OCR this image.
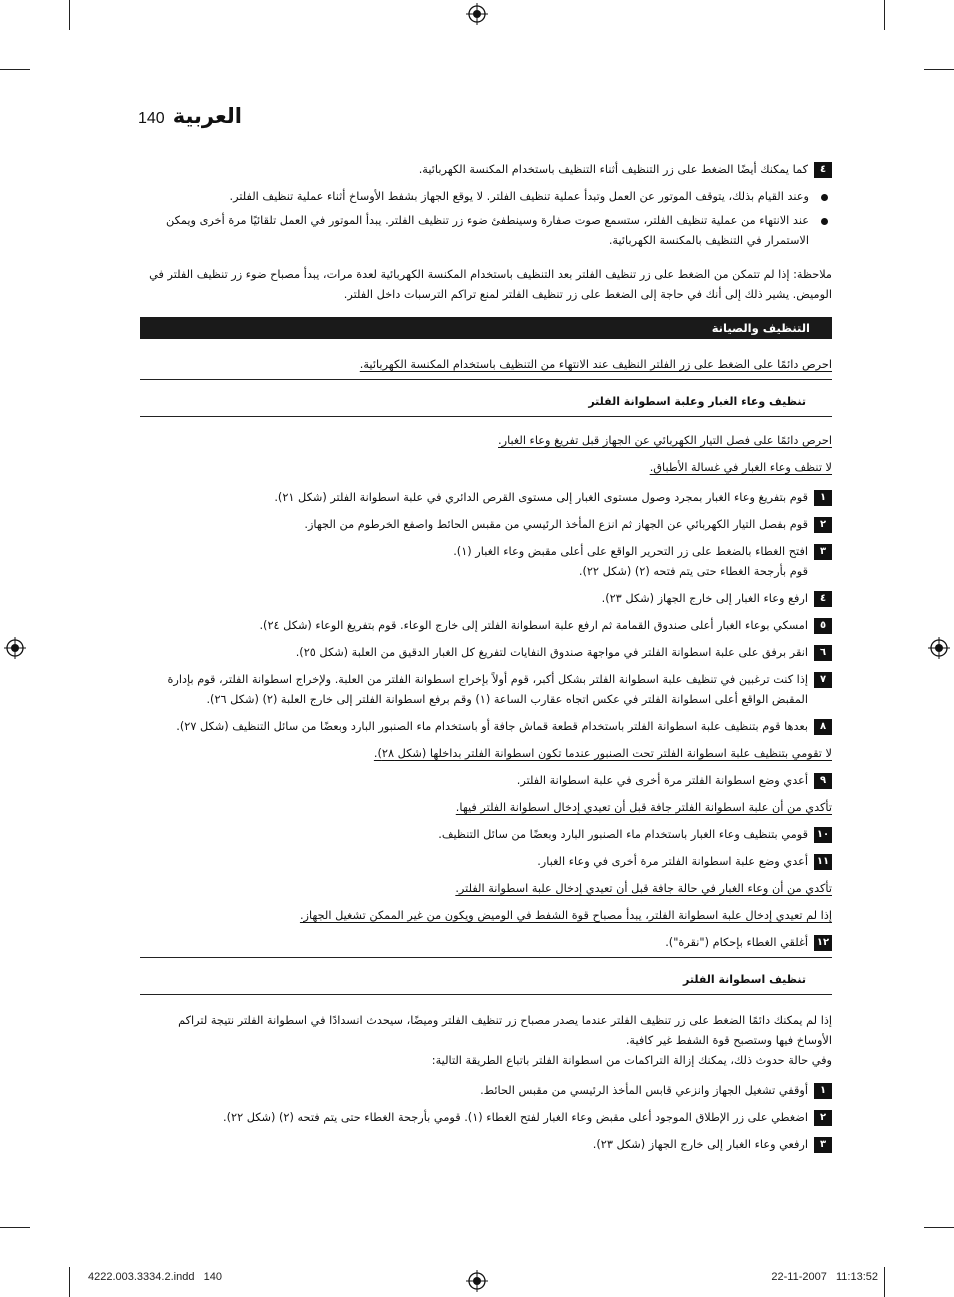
140 العربية
٤
كما يمكنك أيضًا الضغط على زر التنظيف أثناء التنظيف باستخدام المكنسة الكهربائية.
وعند القيام بذلك، يتوقف الموتور عن العمل وتبدأ عملية تنظيف الفلتر. لا يوقع الجهاز بشفط الأوساخ أثناء عملية تنظيف الفلتر.
عند الانتهاء من عملية تنظيف الفلتر، ستسمع صوت صفارة وسينطفئ ضوء زر تنظيف الفلتر. يبدأ الموتور في العمل تلقائيًا مرة أخرى ويمكن الاستمرار في التنظيف بالمكنسة الكهربائية.
ملاحظة: إذا لم تتمكن من الضغط على زر تنظيف الفلتر بعد التنظيف باستخدام المكنسة الكهربائية لعدة مرات، يبدأ مصباح ضوء زر تنظيف الفلتر في الوميض. يشير ذلك إلى أنك في حاجة إلى الضغط على زر تنظيف الفلتر لمنع تراكم الترسبات داخل الفلتر.
التنظيف والصيانة
احرص دائمًا على الضغط على زر الفلتر النظيف عند الانتهاء من التنظيف باستخدام المكنسة الكهربائية.
تنظيف وعاء الغبار وعلبة اسطوانة الفلتر
احرص دائمًا على فصل التيار الكهربائي عن الجهاز قبل تفريغ وعاء الغبار.
لا تنظف وعاء الغبار في غسالة الأطباق.
١
قوم بتفريغ وعاء الغبار بمجرد وصول مستوى الغبار إلى مستوى القرص الدائري في علبة اسطوانة الفلتر (شكل ٢١).
٢
قوم بفصل التيار الكهربائي عن الجهاز ثم انزع المأخذ الرئيسي من مقبس الحائط واصفع الخرطوم من الجهاز.
٣
افتح الغطاء بالضغط على زر التحرير الواقع على أعلى مقبض وعاء الغبار (١).
قوم بأرجحة الغطاء حتى يتم فتحه (٢) (شكل ٢٢).
٤
ارفع وعاء الغبار إلى خارج الجهاز (شكل ٢٣).
٥
امسكي بوعاء الغبار أعلى صندوق القمامة ثم ارفع علبة اسطوانة الفلتر إلى خارج الوعاء. قوم بتفريغ الوعاء (شكل ٢٤).
٦
انقر برفق على علبة اسطوانة الفلتر في مواجهة صندوق النفايات لتفريغ كل الغبار الدقيق من العلبة (شكل ٢٥).
٧
إذا كنت ترغبين في تنظيف علبة اسطوانة الفلتر بشكل أكبر، قوم أولاً بإخراج اسطوانة الفلتر من العلبة. ولإخراج اسطوانة الفلتر، قوم بإدارة المقبض الواقع أعلى اسطوانة الفلتر في عكس اتجاه عقارب الساعة (١) وقم برفع اسطوانة الفلتر إلى خارج العلبة (٢) (شكل ٢٦).
٨
بعدها قوم بتنظيف علبة اسطوانة الفلتر باستخدام قطعة قماش جافة أو باستخدام ماء الصنبور البارد وبعضًا من سائل التنظيف (شكل ٢٧).
لا تقومي بتنظيف علبة اسطوانة الفلتر تحت الصنبور عندما تكون اسطوانة الفلتر بداخلها (شكل ٢٨).
٩
أعدي وضع اسطوانة الفلتر مرة أخرى في علبة اسطوانة الفلتر.
تأكدي من أن علبة اسطوانة الفلتر جافة قبل أن تعيدي إدخال اسطوانة الفلتر فيها.
١٠
قومي بتنظيف وعاء الغبار باستخدام ماء الصنبور البارد وبعضًا من سائل التنظيف.
١١
أعدي وضع علبة اسطوانة الفلتر مرة أخرى في وعاء الغبار.
تأكدي من أن وعاء الغبار في حالة جافة قبل أن تعيدي إدخال علبة اسطوانة الفلتر.
إذا لم تعيدي إدخال علبة اسطوانة الفلتر، يبدأ مصباح قوة الشفط في الوميض ويكون من غير الممكن تشغيل الجهاز.
١٢
أغلقي الغطاء بإحكام ("نقرة").
تنظيف اسطوانة الفلتر
إذا لم يمكنك دائمًا الضغط على زر تنظيف الفلتر عندما يصدر مصباح زر تنظيف الفلتر وميضًا، سيحدث انسدادًا في اسطوانة الفلتر نتيجة لتراكم الأوساخ فيها وستصبح قوة الشفط غير كافية.
وفي حالة حدوث ذلك، يمكنك إزالة التراكمات من اسطوانة الفلتر باتباع الطريقة التالية:
١
أوقفي تشغيل الجهاز وانزعي قابس المأخذ الرئيسي من مقبس الحائط.
٢
اضغطي على زر الإطلاق الموجود أعلى مقبض وعاء الغبار لفتح الغطاء (١). قومي بأرجحة الغطاء حتى يتم فتحه (٢) (شكل ٢٢).
٣
ارفعي وعاء الغبار إلى خارج الجهاز (شكل ٢٣).
4222.003.3334.2.indd   140	22-11-2007   11:13:52
